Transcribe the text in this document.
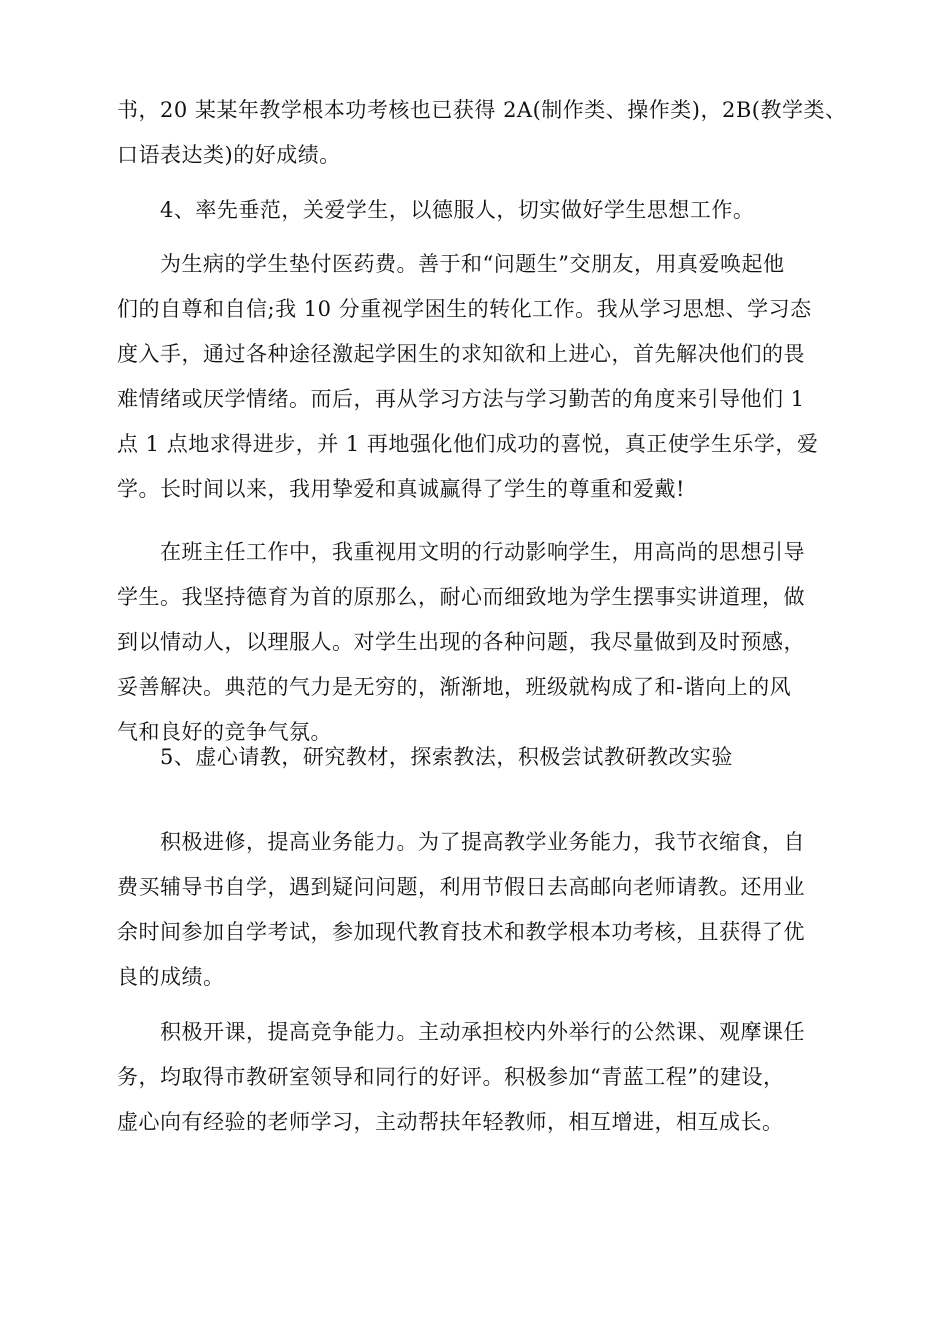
书，20 某某年教学根本功考核也已获得 2A(制作类、操作类)，2B(教学类、
口语表达类)的好成绩。

4、率先垂范，关爱学生，以德服人，切实做好学生思想工作。

为生病的学生垫付医药费。善于和“问题生”交朋友，用真爱唤起他
们的自尊和自信;我 10 分重视学困生的转化工作。我从学习思想、学习态
度入手，通过各种途径激起学困生的求知欲和上进心，首先解决他们的畏
难情绪或厌学情绪。而后，再从学习方法与学习勤苦的角度来引导他们 1
点 1 点地求得进步，并 1 再地强化他们成功的喜悦，真正使学生乐学，爱
学。长时间以来，我用挚爱和真诚赢得了学生的尊重和爱戴!

在班主任工作中，我重视用文明的行动影响学生，用高尚的思想引导
学生。我坚持德育为首的原那么，耐心而细致地为学生摆事实讲道理，做
到以情动人，以理服人。对学生出现的各种问题，我尽量做到及时预感，
妥善解决。典范的气力是无穷的，渐渐地，班级就构成了和-谐向上的风
气和良好的竞争气氛。

5、虚心请教，研究教材，探索教法，积极尝试教研教改实验

积极进修，提高业务能力。为了提高教学业务能力，我节衣缩食，自
费买辅导书自学，遇到疑问问题，利用节假日去高邮向老师请教。还用业
余时间参加自学考试，参加现代教育技术和教学根本功考核，且获得了优
良的成绩。

积极开课，提高竞争能力。主动承担校内外举行的公然课、观摩课任
务，均取得市教研室领导和同行的好评。积极参加“青蓝工程”的建设，
虚心向有经验的老师学习，主动帮扶年轻教师，相互增进，相互成长。
